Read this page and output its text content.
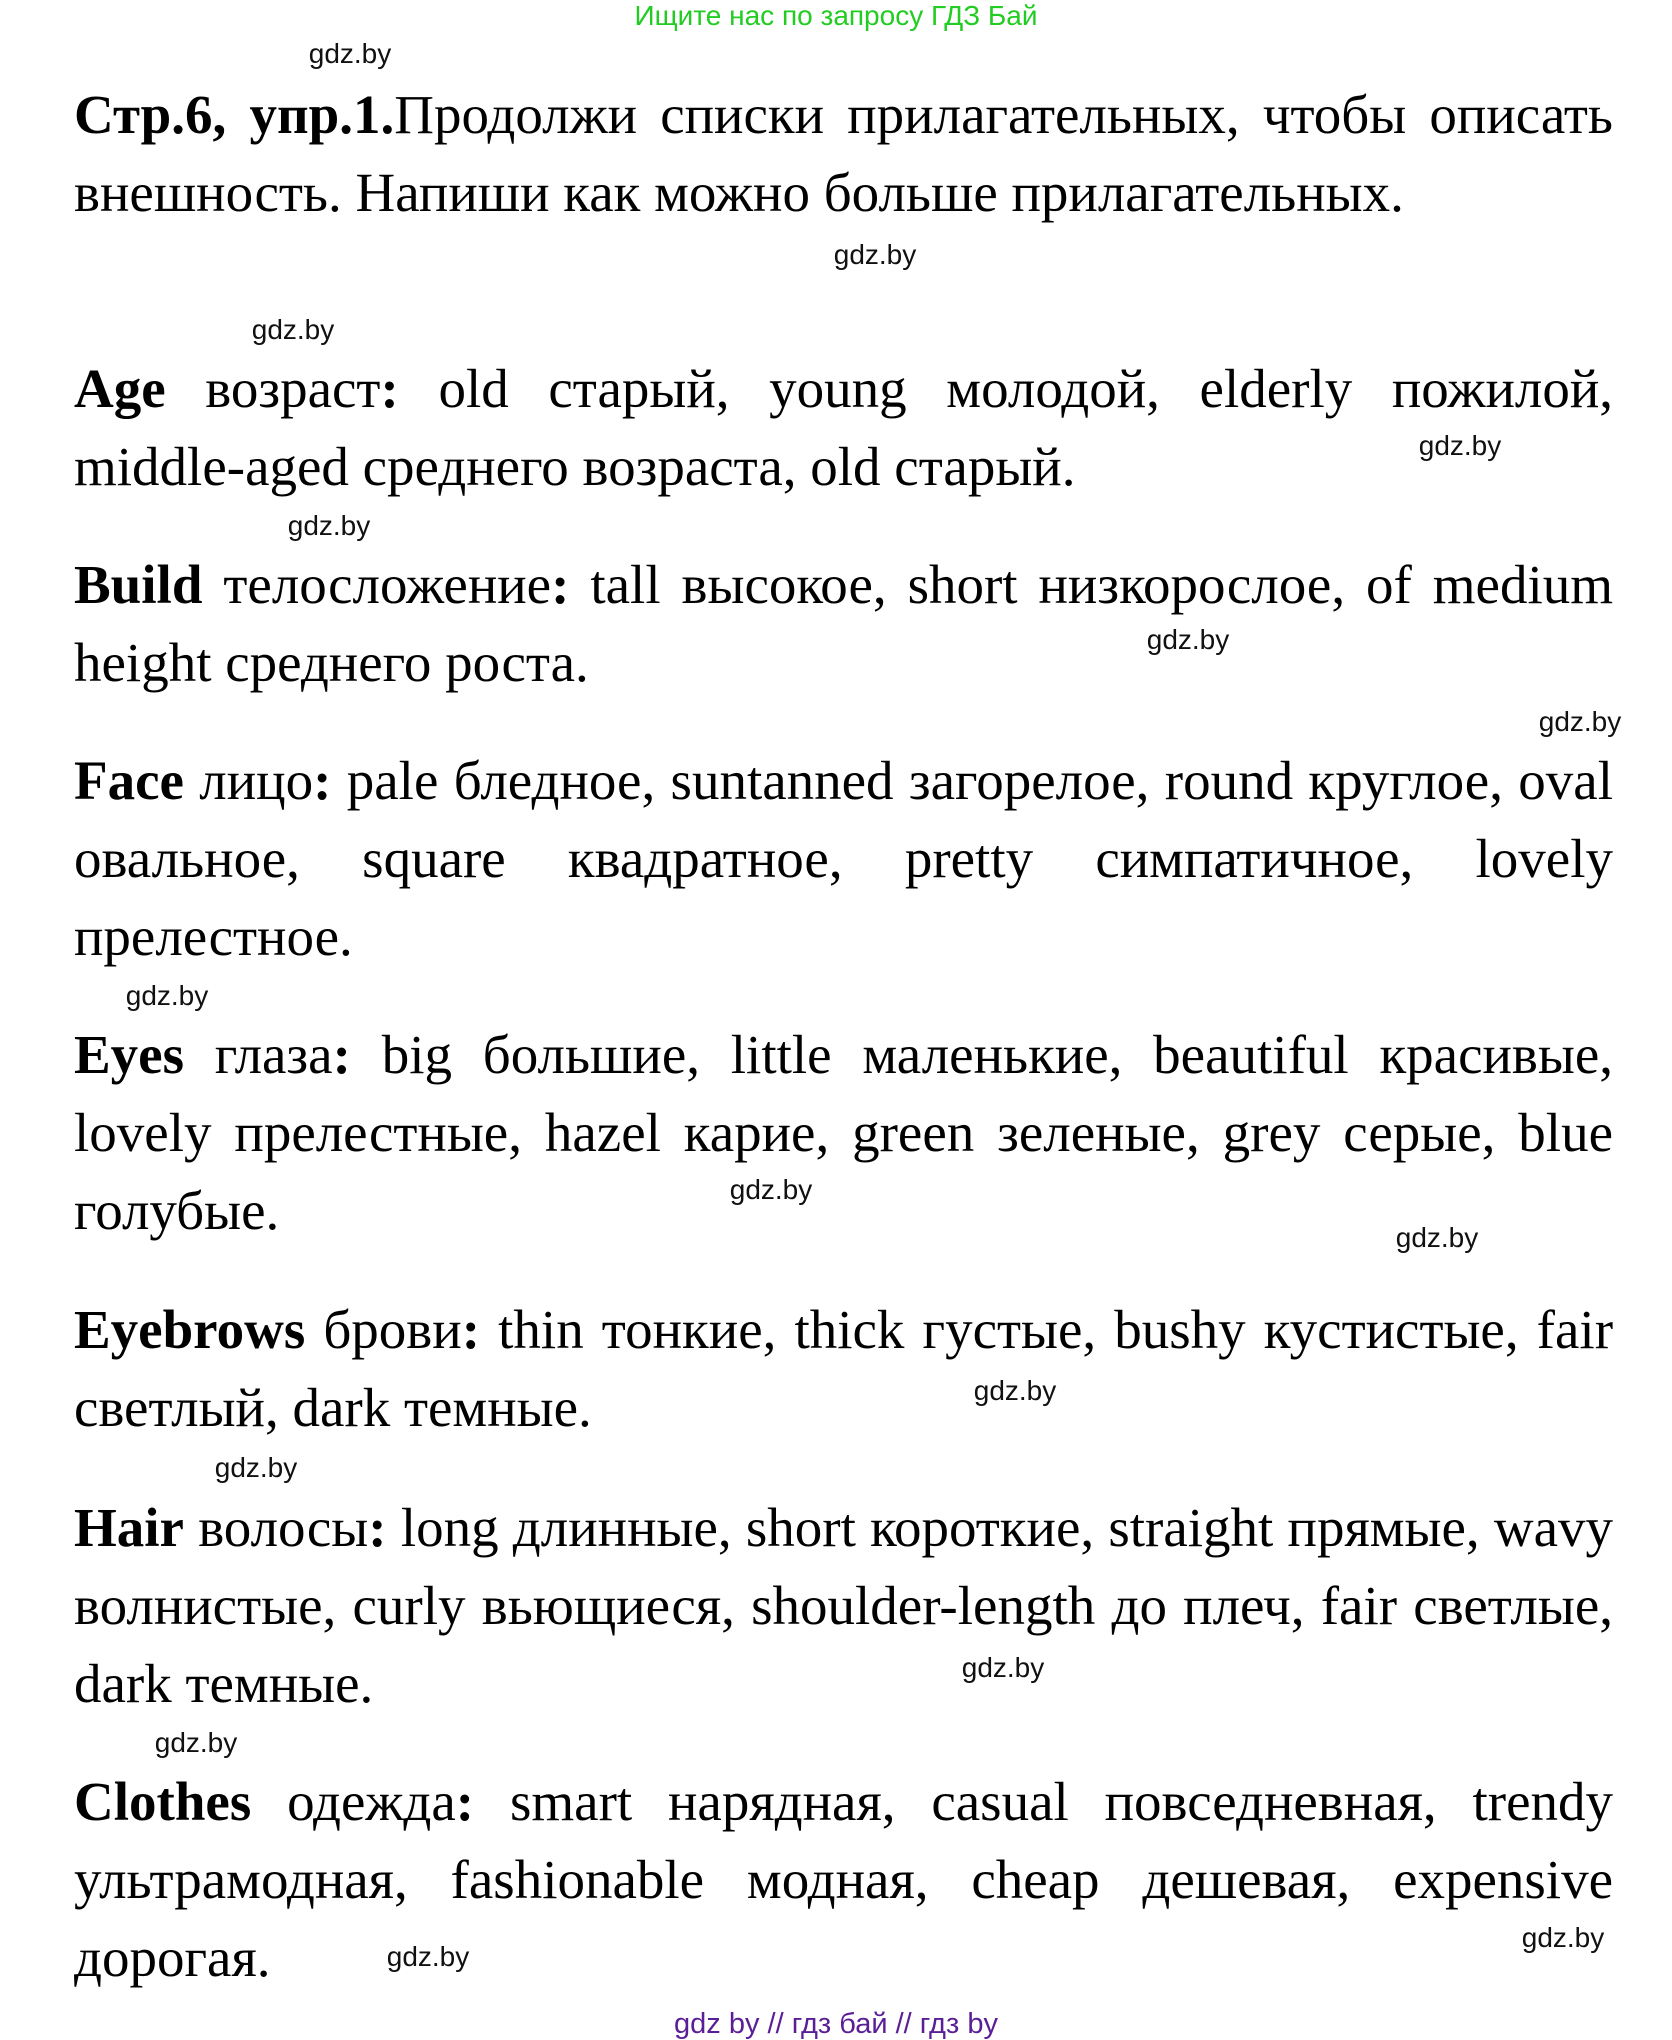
Ищите нас по запросу ГДЗ Бай

Стр.6, упр.1.Продолжи списки прилагательных, чтобы описать внешность. Напиши как можно больше прилагательных.

Age возраст: old старый, young молодой, elderly пожилой, middle-aged среднего возраста, old старый.

Build телосложение: tall высокое, short низкорослое, of medium height среднего роста.

Face лицо: pale бледное, suntanned загорелое, round круглое, oval овальное, square квадратное, pretty симпатичное, lovely прелестное.

Eyes глаза: big большие, little маленькие, beautiful красивые, lovely прелестные, hazel карие, green зеленые, grey серые, blue голубые.

Eyebrows брови: thin тонкие, thick густые, bushy кустистые, fair светлый, dark темные.

Hair волосы: long длинные, short короткие, straight прямые, wavy волнистые, curly вьющиеся, shoulder-length до плеч, fair светлые, dark темные.

Clothes одежда: smart нарядная, casual повседневная, trendy ультрамодная, fashionable модная, cheap дешевая, expensive дорогая.

gdz.by
gdz.by
gdz.by
gdz.by
gdz.by
gdz.by
gdz.by
gdz.by
gdz.by
gdz.by
gdz.by
gdz.by
gdz.by
gdz.by
gdz.by
gdz.by
gdz by // гдз бай // гдз by
